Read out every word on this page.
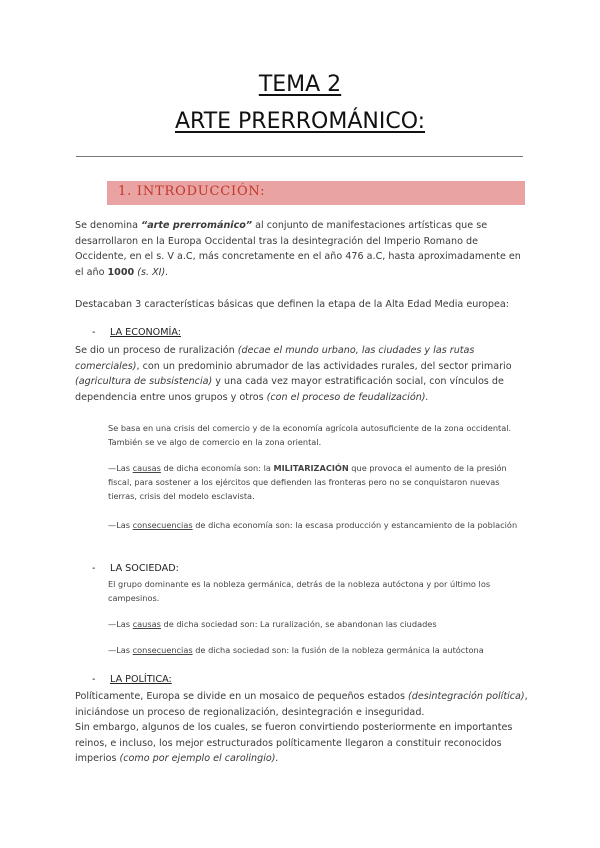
TEMA 2
ARTE PRERROMÁNICO:
1. INTRODUCCIÓN:
Se denomina “arte prerrománico” al conjunto de manifestaciones artísticas que se desarrollaron en la Europa Occidental tras la desintegración del Imperio Romano de Occidente, en el s. V a.C, más concretamente en el año 476 a.C, hasta aproximadamente en el año 1000 (s. XI).
Destacaban 3 características básicas que definen la etapa de la Alta Edad Media europea:
- LA ECONOMÍA:
Se dio un proceso de ruralización (decae el mundo urbano, las ciudades y las rutas comerciales), con un predominio abrumador de las actividades rurales, del sector primario (agricultura de subsistencia) y una cada vez mayor estratificación social, con vínculos de dependencia entre unos grupos y otros (con el proceso de feudalización).
Se basa en una crisis del comercio y de la economía agrícola autosuficiente de la zona occidental. También se ve algo de comercio en la zona oriental.
—Las causas de dicha economía son: la MILITARIZACIÓN que provoca el aumento de la presión fiscal, para sostener a los ejércitos que defienden las fronteras pero no se conquistaron nuevas tierras, crisis del modelo esclavista.
—Las consecuencias de dicha economía son: la escasa producción y estancamiento de la población
- LA SOCIEDAD:
El grupo dominante es la nobleza germánica, detrás de la nobleza autóctona y por último los campesinos.
—Las causas de dicha sociedad son: La ruralización, se abandonan las ciudades
—Las consecuencias de dicha sociedad son: la fusión de la nobleza germánica la autóctona
- LA POLÍTICA:
Políticamente, Europa se divide en un mosaico de pequeños estados (desintegración política), iniciándose un proceso de regionalización, desintegración e inseguridad.
Sin embargo, algunos de los cuales, se fueron convirtiendo posteriormente en importantes reinos, e incluso, los mejor estructurados políticamente llegaron a constituir reconocidos imperios (como por ejemplo el carolingio).
